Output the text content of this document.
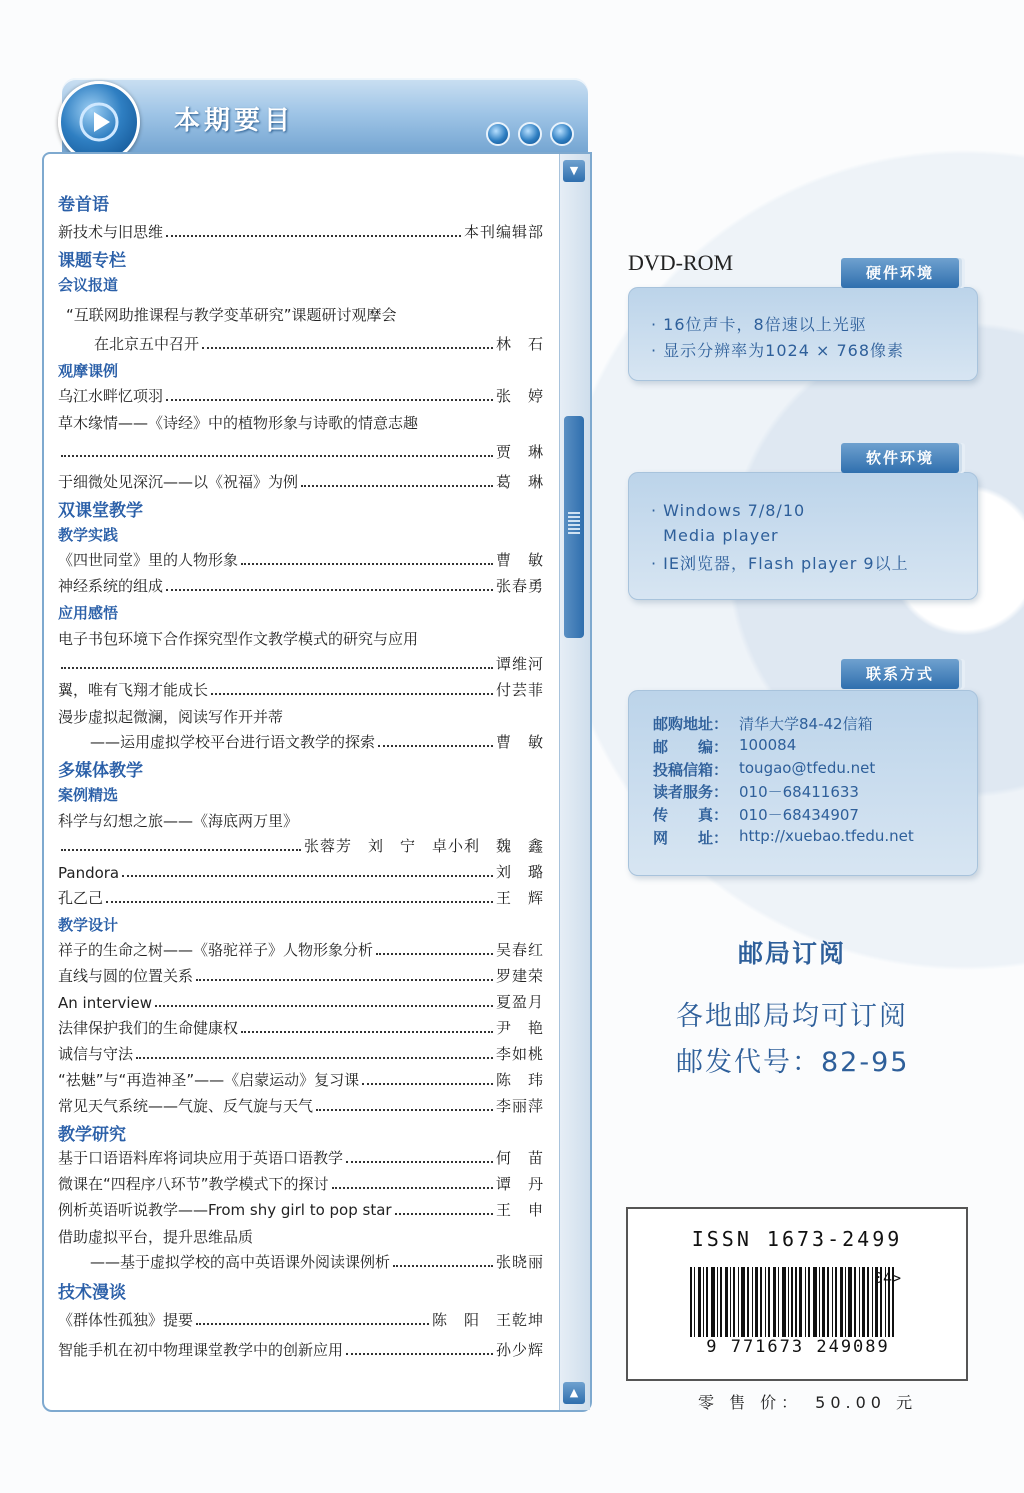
本期要目
▼
▲
卷首语
新技术与旧思维	本刊编辑部
课题专栏
会议报道
“互联网助推课程与教学变革研究”课题研讨观摩会
在北京五中召开	林　石
观摩课例
乌江水畔忆项羽	张　婷
草木缘情——《诗经》中的植物形象与诗歌的情意志趣
贾　琳
于细微处见深沉——以《祝福》为例	葛　琳
双课堂教学
教学实践
《四世同堂》里的人物形象	曹　敏
神经系统的组成	张春勇
应用感悟
电子书包环境下合作探究型作文教学模式的研究与应用
谭维河
翼，唯有飞翔才能成长	付芸菲
漫步虚拟起微澜，阅读写作开并蒂
——运用虚拟学校平台进行语文教学的探索	曹　敏
多媒体教学
案例精选
科学与幻想之旅——《海底两万里》
张蓉芳　刘　宁　卓小利　魏　鑫
Pandora	刘　璐
孔乙己	王　辉
教学设计
祥子的生命之树——《骆驼祥子》人物形象分析	吴春红
直线与圆的位置关系	罗建荣
An interview	夏盈月
法律保护我们的生命健康权	尹　艳
诚信与守法	李如桃
“祛魅”与“再造神圣”——《启蒙运动》复习课	陈　玮
常见天气系统——气旋、反气旋与天气	李丽萍
教学研究
基于口语语料库将词块应用于英语口语教学	何　苗
微课在“四程序八环节”教学模式下的探讨	谭　丹
例析英语听说教学——From shy girl to pop star	王　申
借助虚拟平台，提升思维品质
——基于虚拟学校的高中英语课外阅读课例析	张晓丽
技术漫谈
《群体性孤独》提要	陈　阳　王乾坤
智能手机在初中物理课堂教学中的创新应用	孙少辉
DVD-ROM	硬件环境
· 16位声卡，8倍速以上光驱
· 显示分辨率为1024 × 768像素
软件环境
· Windows 7/8/10
Media player
· IE浏览器，Flash player 9以上
联系方式
邮购地址： 清华大学84-42信箱
邮　　编： 100084
投稿信箱： tougao@tfedu.net
读者服务： 010－68411633
传　　真： 010－68434907
网　　址： http://xuebao.tfedu.net
邮局订阅
各地邮局均可订阅
邮发代号：82-95
ISSN 1673-2499
04>
9 771673 249089
零 售 价：　50.00 元
